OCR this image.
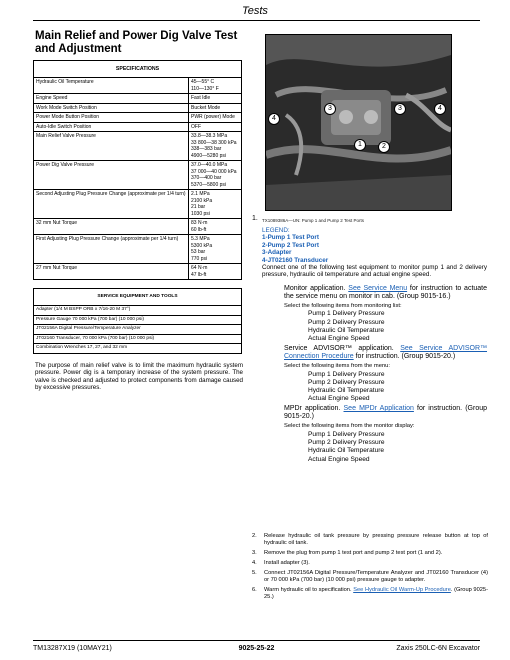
Tests
Main Relief and Power Dig Valve Test and Adjustment
SPECIFICATIONS	
Hydraulic Oil Temperature	45—55° C
110—130° F

Engine Speed	Fast Idle

Work Mode Switch Position	Bucket Mode

Power Mode Button Position	PWR (power) Mode

Auto-Idle Switch Position	OFF

Main Relief Valve Pressure	33.8—38.3 MPa
33 800—38 300 kPa
338—383 bar
4900—5280 psi

Power Dig Valve Pressure	37.0—40.0 MPa
37 000—40 000 kPa
370—400 bar
5370—5800 psi

Second Adjusting Plug Pressure Change (approximate per 1/4 turn)	2.1 MPa
2100 kPa
21 bar
1030 psi

32 mm Nut Torque	83 N·m
60 lb-ft

First Adjusting Plug Pressure Change (approximate per 1/4 turn)	5.3 MPa
5300 kPa
53 bar
770 psi

27 mm Nut Torque	64 N·m
47 lb-ft
SERVICE EQUIPMENT AND TOOLS
Adapter (1/4 M BSPP ORB x 7/16-20 M 37°)
Pressure Gauge 70 000 kPa (700 bar) (10 000 psi)
JT02156A Digital Pressure/Temperature Analyzer
JT02160 Transducer, 70 000 kPa (700 bar) (10 000 psi)
Combination Wrenches 17, 27, and 32 mm
The purpose of main relief valve is to limit the maximum hydraulic system pressure. Power dig is a temporary increase of the system pressure. The valve is checked and adjusted to protect components from damage caused by excessive pressures.
4
3
1	2
3	4
1. TX1089386A—UN: Pump 1 and Pump 2 Test Ports
LEGEND:
1-Pump 1 Test Port
2-Pump 2 Test Port
3-Adapter
4-JT02160 Transducer
Connect one of the following test equipment to monitor pump 1 and 2 delivery pressure, hydraulic oil temperature and actual engine speed.
Monitor application. See Service Menu for instruction to actuate the service menu on monitor in cab. (Group 9015-16.)
Select the following items from monitoring list:
Pump 1 Delivery Pressure
Pump 2 Delivery Pressure
Hydraulic Oil Temperature
Actual Engine Speed
Service ADVISOR™ application. See Service ADVISOR™ Connection Procedure for instruction. (Group 9015-20.)
Select the following items from the menu:
Pump 1 Delivery Pressure
Pump 2 Delivery Pressure
Hydraulic Oil Temperature
Actual Engine Speed
MPDr application. See MPDr Application for instruction. (Group 9015-20.)
Select the following items from the monitor display:
Pump 1 Delivery Pressure
Pump 2 Delivery Pressure
Hydraulic Oil Temperature
Actual Engine Speed
2. Release hydraulic oil tank pressure by pressing pressure release button at top of hydraulic oil tank.
3. Remove the plug from pump 1 test port and pump 2 test port (1 and 2).
4. Install adapter (3).
5. Connect JT02156A Digital Pressure/Temperature Analyzer and JT02160 Transducer (4) or 70 000 kPa (700 bar) (10 000 psi) pressure gauge to adapter.
6. Warm hydraulic oil to specification. See Hydraulic Oil Warm-Up Procedure. (Group 9025-25.)
TM13287X19 (10MAY21)	9025-25-22	Zaxis 250LC-6N Excavator
